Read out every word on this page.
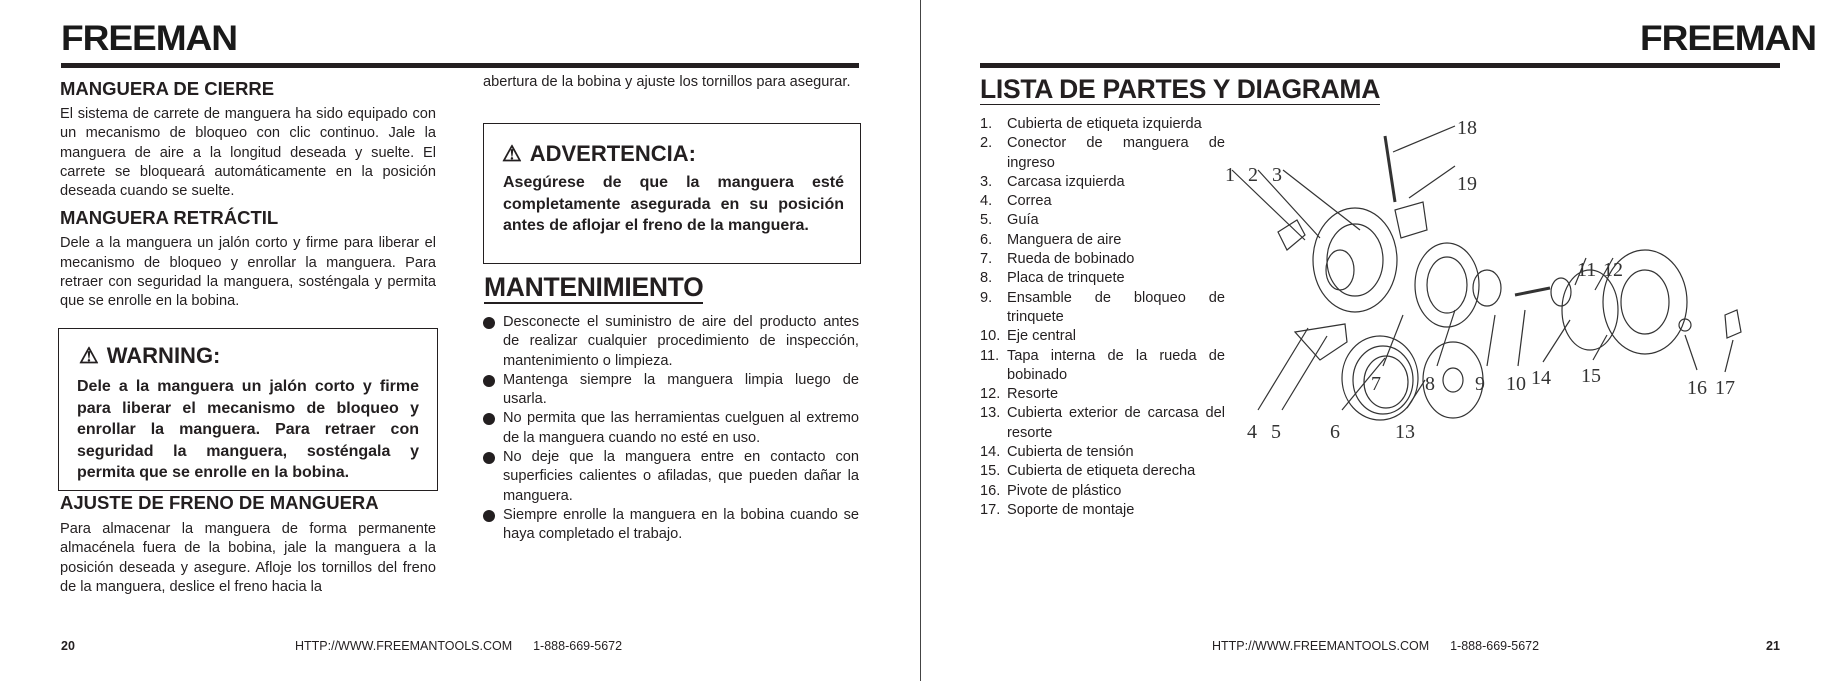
FREEMAN
MANGUERA DE CIERRE

El sistema de carrete de manguera ha sido equipado con un mecanismo de bloqueo con clic continuo. Jale la manguera de aire a la longitud deseada y suelte. El carrete se bloqueará automáticamente en la posición deseada cuando se suelte.

MANGUERA RETRÁCTIL

Dele a la manguera un jalón corto y firme para liberar el mecanismo de bloqueo y enrollar la manguera. Para retraer con seguridad la manguera, sosténgala y permita que se enrolle en la bobina.

⚠ WARNING:
Dele a la manguera un jalón corto y firme para liberar el mecanismo de bloqueo y enrollar la manguera. Para retraer con seguridad la manguera, sosténgala y permita que se enrolle en la bobina.
AJUSTE DE FRENO DE MANGUERA

Para almacenar la manguera de forma permanente almacénela fuera de la bobina, jale la manguera a la posición deseada y asegure. Afloje los tornillos del freno de la manguera, deslice el freno hacia la

abertura de la bobina y ajuste los tornillos para asegurar.

⚠ ADVERTENCIA:
Asegúrese de que la manguera esté completamente asegurada en su posición antes de aflojar el freno de la manguera.
MANTENIMIENTO
Desconecte el suministro de aire del producto antes de realizar cualquier procedimiento de inspección, mantenimiento o limpieza.
Mantenga siempre la manguera limpia luego de usarla.
No permita que las herramientas cuelguen al extremo de la manguera cuando no esté en uso.
No deje que la manguera entre en contacto con superficies calientes o afiladas, que pueden dañar la manguera.
Siempre enrolle la manguera en la bobina cuando se haya completado el trabajo.
20	HTTP://WWW.FREEMANTOOLS.COM 1-888-669-5672
FREEMAN
LISTA DE PARTES Y DIAGRAMA
1. Cubierta de etiqueta izquierda
2. Conector de manguera de ingreso
3. Carcasa izquierda
4. Correa
5. Guía
6. Manguera de aire
7. Rueda de bobinado
8. Placa de trinquete
9. Ensamble de bloqueo de trinquete
10. Eje central
11. Tapa interna de la rueda de bobinado
12. Resorte
13. Cubierta exterior de carcasa del resorte
14. Cubierta de tensión
15. Cubierta de etiqueta derecha
16. Pivote de plástico
17. Soporte de montaje
18
19
1 2 3
11 12
7 8 9 10 14 15
16 17
4 5 6	13
HTTP://WWW.FREEMANTOOLS.COM 1-888-669-5672	21
